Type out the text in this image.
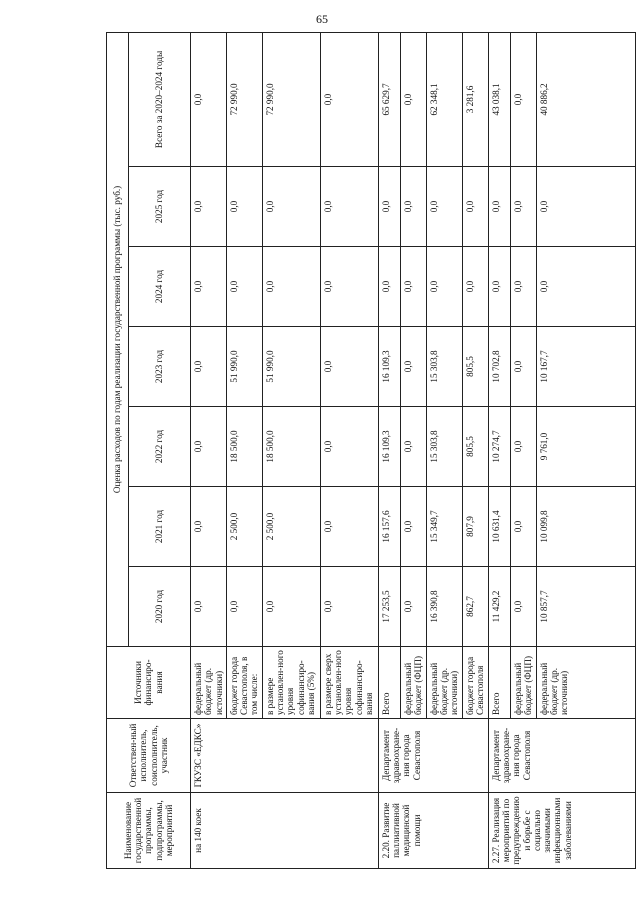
65
Наименование государственной программы, подпрограммы, мероприятий	Ответствен-ный исполнитель, соисполнитель, участник	Источники финансиро-вания	Оценка расходов по годам реализации государственной программы (тыс. руб.)						
			2020 год	2021 год	2022 год	2023 год	2024 год	2025 год	Всего за 2020–2024 годы
на 140 коек	ГКУЗС «ЕДКС»	федеральный бюджет (др. источники)	0,0	0,0	0,0	0,0	0,0	0,0	0,0
		бюджет города Севастополя, в том числе:	0,0	2 500,0	18 500,0	51 990,0	0,0	0,0	72 990,0
		в размере установлен-ного уровня софинансиро-вания (5%)	0,0	2 500,0	18 500,0	51 990,0	0,0	0,0	72 990,0
		в размере сверх установлен-ного уровня софинансиро-вания	0,0	0,0	0,0	0,0	0,0	0,0	0,0
2.20. Развитие паллиативной медицинской помощи	Департамент здравоохране-ния города Севастополя	Всего	17 253,5	16 157,6	16 109,3	16 109,3	0,0	0,0	65 629,7
		федеральный бюджет (ФЦП)	0,0	0,0	0,0	0,0	0,0	0,0	0,0
		федеральный бюджет (др. источники)	16 390,8	15 349,7	15 303,8	15 303,8	0,0	0,0	62 348,1
		бюджет города Севастополя	862,7	807,9	805,5	805,5	0,0	0,0	3 281,6
2.27. Реализация мероприятий по предупреждению и борьбе с социально значимыми инфекционными заболеваниями	Департамент здравоохране-ния города Севастополя	Всего	11 429,2	10 631,4	10 274,7	10 702,8	0,0	0,0	43 038,1
		федеральный бюджет (ФЦП)	0,0	0,0	0,0	0,0	0,0	0,0	0,0
		федеральный бюджет (др. источники)	10 857,7	10 099,8	9 761,0	10 167,7	0,0	0,0	40 886,2
